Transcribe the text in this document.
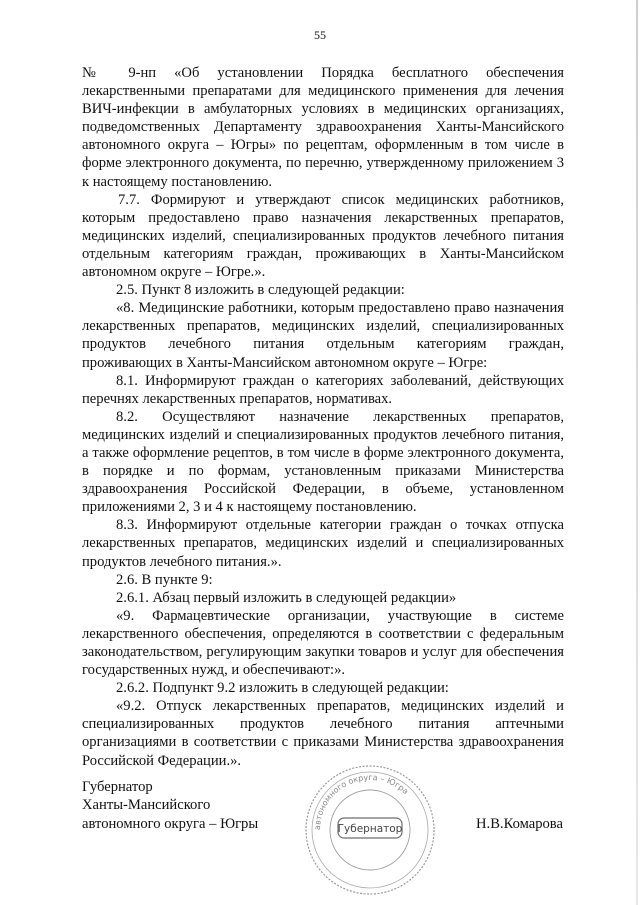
55

№ 9-нп «Об установлении Порядка бесплатного обеспечения лекарственными препаратами для медицинского применения для лечения ВИЧ-инфекции в амбулаторных условиях в медицинских организациях, подведомственных Департаменту здравоохранения Ханты-Мансийского автономного округа – Югры» по рецептам, оформленным в том числе в форме электронного документа, по перечню, утвержденному приложением 3 к настоящему постановлению.

7.7. Формируют и утверждают список медицинских работников, которым предоставлено право назначения лекарственных препаратов, медицинских изделий, специализированных продуктов лечебного питания отдельным категориям граждан, проживающих в Ханты-Мансийском автономном округе – Югре.».

2.5. Пункт 8 изложить в следующей редакции:

«8. Медицинские работники, которым предоставлено право назначения лекарственных препаратов, медицинских изделий, специализированных продуктов лечебного питания отдельным категориям граждан, проживающих в Ханты-Мансийском автономном округе – Югре:

8.1. Информируют граждан о категориях заболеваний, действующих перечнях лекарственных препаратов, нормативах.

8.2. Осуществляют назначение лекарственных препаратов, медицинских изделий и специализированных продуктов лечебного питания, а также оформление рецептов, в том числе в форме электронного документа, в порядке и по формам, установленным приказами Министерства здравоохранения Российской Федерации, в объеме, установленном приложениями 2, 3 и 4 к настоящему постановлению.

8.3. Информируют отдельные категории граждан о точках отпуска лекарственных препаратов, медицинских изделий и специализированных продуктов лечебного питания.».

2.6. В пункте 9:

2.6.1. Абзац первый изложить в следующей редакции»

«9. Фармацевтические организации, участвующие в системе лекарственного обеспечения, определяются в соответствии с федеральным законодательством, регулирующим закупки товаров и услуг для обеспечения государственных нужд, и обеспечивают:».

2.6.2. Подпункт 9.2 изложить в следующей редакции:

«9.2. Отпуск лекарственных препаратов, медицинских изделий и специализированных продуктов лечебного питания аптечными организациями в соответствии с приказами Министерства здравоохранения Российской Федерации.».

Губернатор
Ханты-Мансийского
автономного округа – Югры	автономного округа – Югра
Губернатор	Н.В.Комарова
